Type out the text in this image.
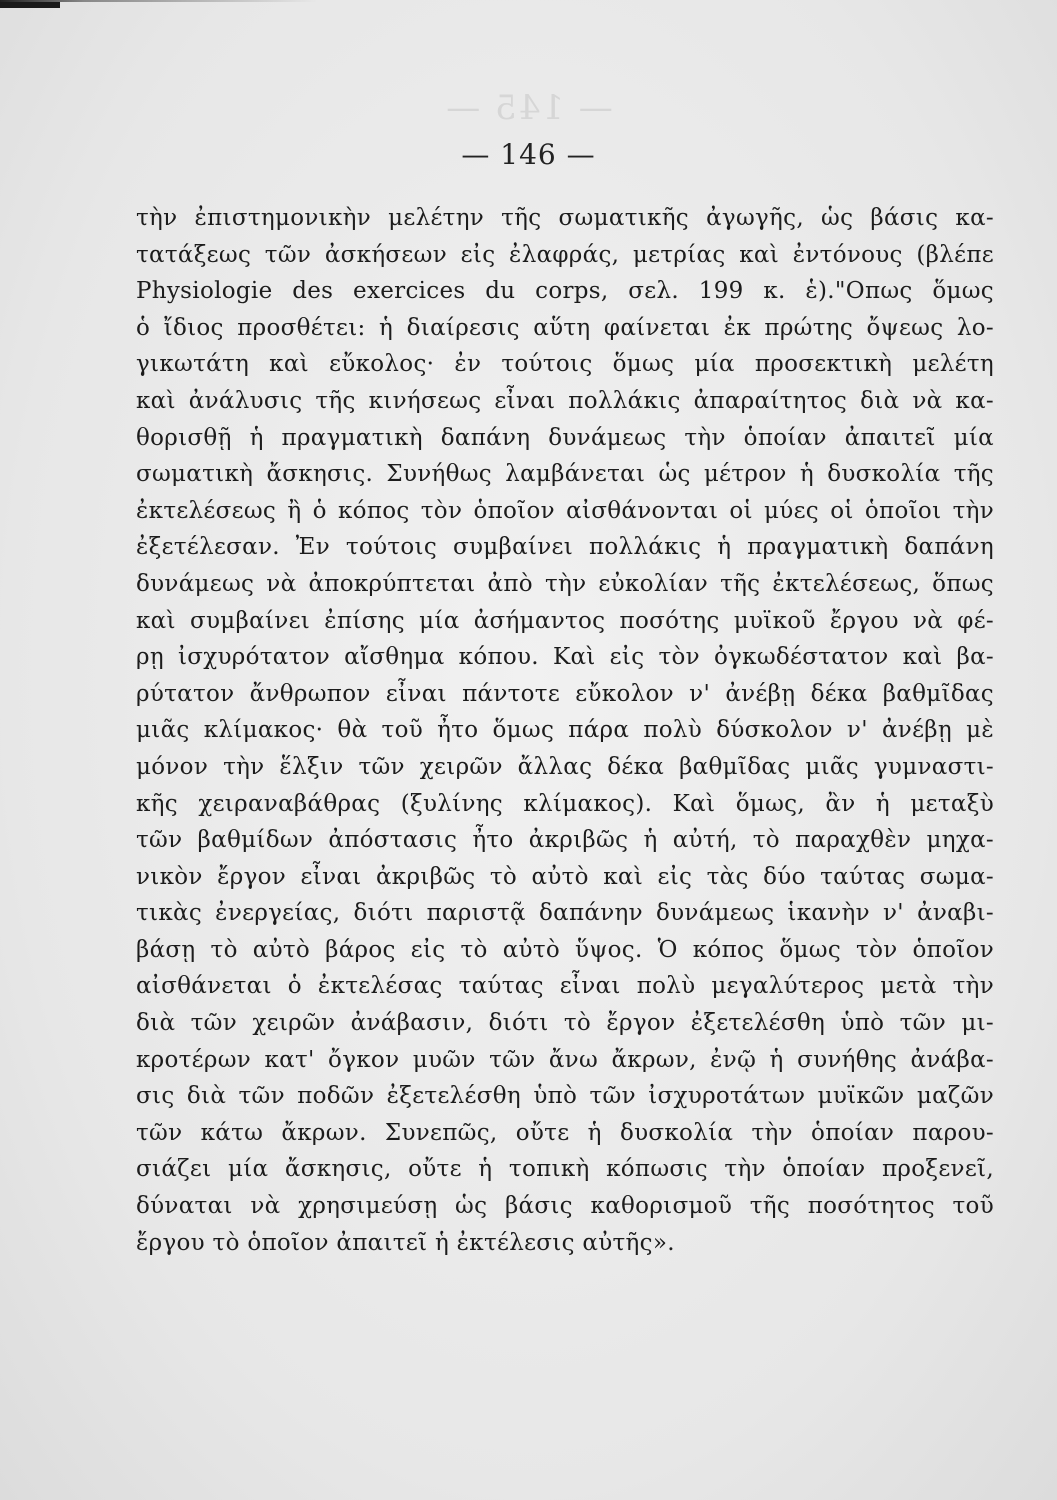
— 145 —
— 146 —
τὴν ἐπιστημονικὴν μελέτην τῆς σωματικῆς ἀγωγῆς, ὡς βάσις κα-
τατάξεως τῶν ἀσκήσεων εἰς ἐλαφράς, μετρίας καὶ ἐντόνους (βλέπε
Physiologie des exercices du corps, σελ. 199 κ. ἑ)."Οπως ὅμως
ὁ ἴδιος προσθέτει: ἡ διαίρεσις αὕτη φαίνεται ἐκ πρώτης ὄψεως λο-
γικωτάτη καὶ εὔκολος· ἐν τούτοις ὅμως μία προσεκτικὴ μελέτη
καὶ ἀνάλυσις τῆς κινήσεως εἶναι πολλάκις ἀπαραίτητος διὰ νὰ κα-
θορισθῇ ἡ πραγματικὴ δαπάνη δυνάμεως τὴν ὁποίαν ἀπαιτεῖ μία
σωματικὴ ἄσκησις. Συνήθως λαμβάνεται ὡς μέτρον ἡ δυσκολία τῆς
ἐκτελέσεως ἢ ὁ κόπος τὸν ὁποῖον αἰσθάνονται οἱ μύες οἱ ὁποῖοι τὴν
ἐξετέλεσαν. Ἐν τούτοις συμβαίνει πολλάκις ἡ πραγματικὴ δαπάνη
δυνάμεως νὰ ἀποκρύπτεται ἀπὸ τὴν εὐκολίαν τῆς ἐκτελέσεως, ὅπως
καὶ συμβαίνει ἐπίσης μία ἀσήμαντος ποσότης μυϊκοῦ ἔργου νὰ φέ-
ρῃ ἰσχυρότατον αἴσθημα κόπου. Καὶ εἰς τὸν ὀγκωδέστατον καὶ βα-
ρύτατον ἄνθρωπον εἶναι πάντοτε εὔκολον ν' ἀνέβῃ δέκα βαθμῖδας
μιᾶς κλίμακος· θὰ τοῦ ἦτο ὅμως πάρα πολὺ δύσκολον ν' ἀνέβῃ μὲ
μόνον τὴν ἕλξιν τῶν χειρῶν ἄλλας δέκα βαθμῖδας μιᾶς γυμναστι-
κῆς χειραναβάθρας (ξυλίνης κλίμακος). Καὶ ὅμως, ἂν ἡ μεταξὺ
τῶν βαθμίδων ἀπόστασις ἦτο ἀκριβῶς ἡ αὐτή, τὸ παραχθὲν μηχα-
νικὸν ἔργον εἶναι ἀκριβῶς τὸ αὐτὸ καὶ εἰς τὰς δύο ταύτας σωμα-
τικὰς ἐνεργείας, διότι παριστᾷ δαπάνην δυνάμεως ἱκανὴν ν' ἀναβι-
βάσῃ τὸ αὐτὸ βάρος εἰς τὸ αὐτὸ ὕψος. Ὁ κόπος ὅμως τὸν ὁποῖον
αἰσθάνεται ὁ ἐκτελέσας ταύτας εἶναι πολὺ μεγαλύτερος μετὰ τὴν
διὰ τῶν χειρῶν ἀνάβασιν, διότι τὸ ἔργον ἐξετελέσθη ὑπὸ τῶν μι-
κροτέρων κατ' ὄγκον μυῶν τῶν ἄνω ἄκρων, ἐνῷ ἡ συνήθης ἀνάβα-
σις διὰ τῶν ποδῶν ἐξετελέσθη ὑπὸ τῶν ἰσχυροτάτων μυϊκῶν μαζῶν
τῶν κάτω ἄκρων. Συνεπῶς, οὔτε ἡ δυσκολία τὴν ὁποίαν παρου-
σιάζει μία ἄσκησις, οὔτε ἡ τοπικὴ κόπωσις τὴν ὁποίαν προξενεῖ,
δύναται νὰ χρησιμεύσῃ ὡς βάσις καθορισμοῦ τῆς ποσότητος τοῦ
ἔργου τὸ ὁποῖον ἀπαιτεῖ ἡ ἐκτέλεσις αὐτῆς».
